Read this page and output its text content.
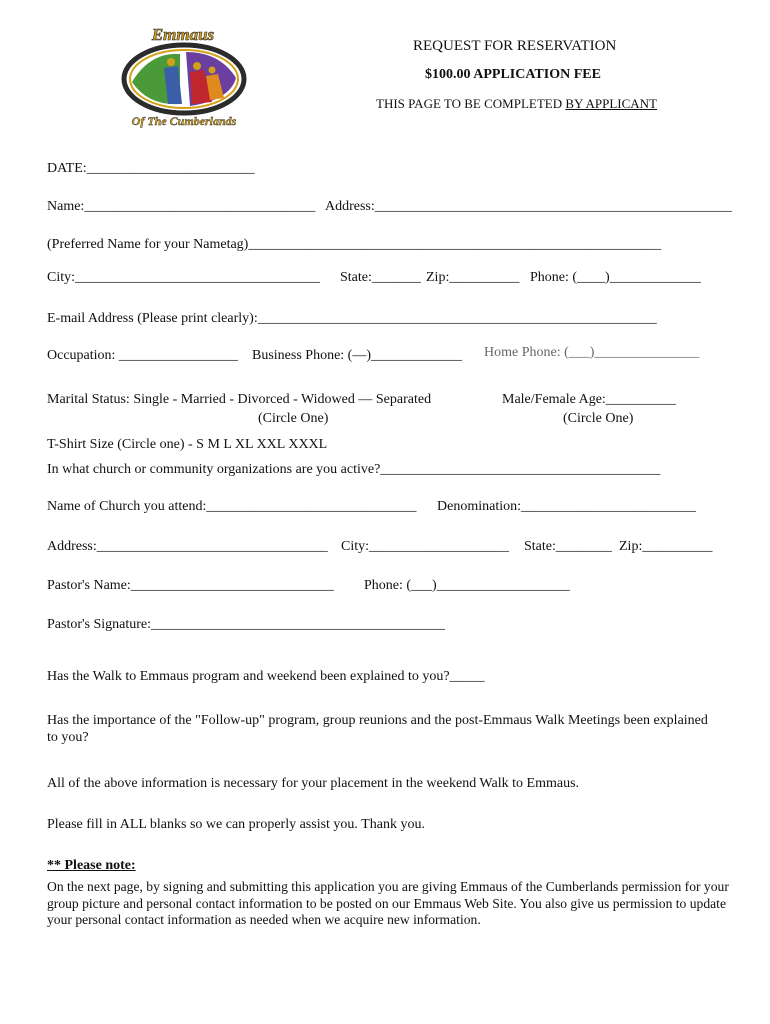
Emmaus
Of The Cumberlands
REQUEST FOR RESERVATION
$100.00 APPLICATION FEE
THIS PAGE TO BE COMPLETED BY APPLICANT
DATE:________________________
Name:_________________________________ Address:___________________________________________________
(Preferred Name for your Nametag)___________________________________________________________
City:___________________________________ State:_______ Zip:__________ Phone: (____)_____________
E-mail Address (Please print clearly):_________________________________________________________
Occupation: _________________ Business Phone: (—)_____________ Home Phone: (___)_______________
Marital Status: Single - Married - Divorced - Widowed — Separated
(Circle One)
Male/Female Age:__________
(Circle One)
T-Shirt Size (Circle one) - S M L XL XXL XXXL
In what church or community organizations are you active?________________________________________
Name of Church you attend:______________________________ Denomination:_________________________
Address:_________________________________ City:____________________ State:________ Zip:__________
Pastor's Name:_____________________________ Phone: (___)___________________
Pastor's Signature:__________________________________________
Has the Walk to Emmaus program and weekend been explained to you?_____
Has the importance of the "Follow-up" program, group reunions and the post-Emmaus Walk Meetings been explained to you?
All of the above information is necessary for your placement in the weekend Walk to Emmaus.
Please fill in ALL blanks so we can properly assist you. Thank you.
** Please note:
On the next page, by signing and submitting this application you are giving Emmaus of the Cumberlands permission for your group picture and personal contact information to be posted on our Emmaus Web Site. You also give us permission to update your personal contact information as needed when we acquire new information.
